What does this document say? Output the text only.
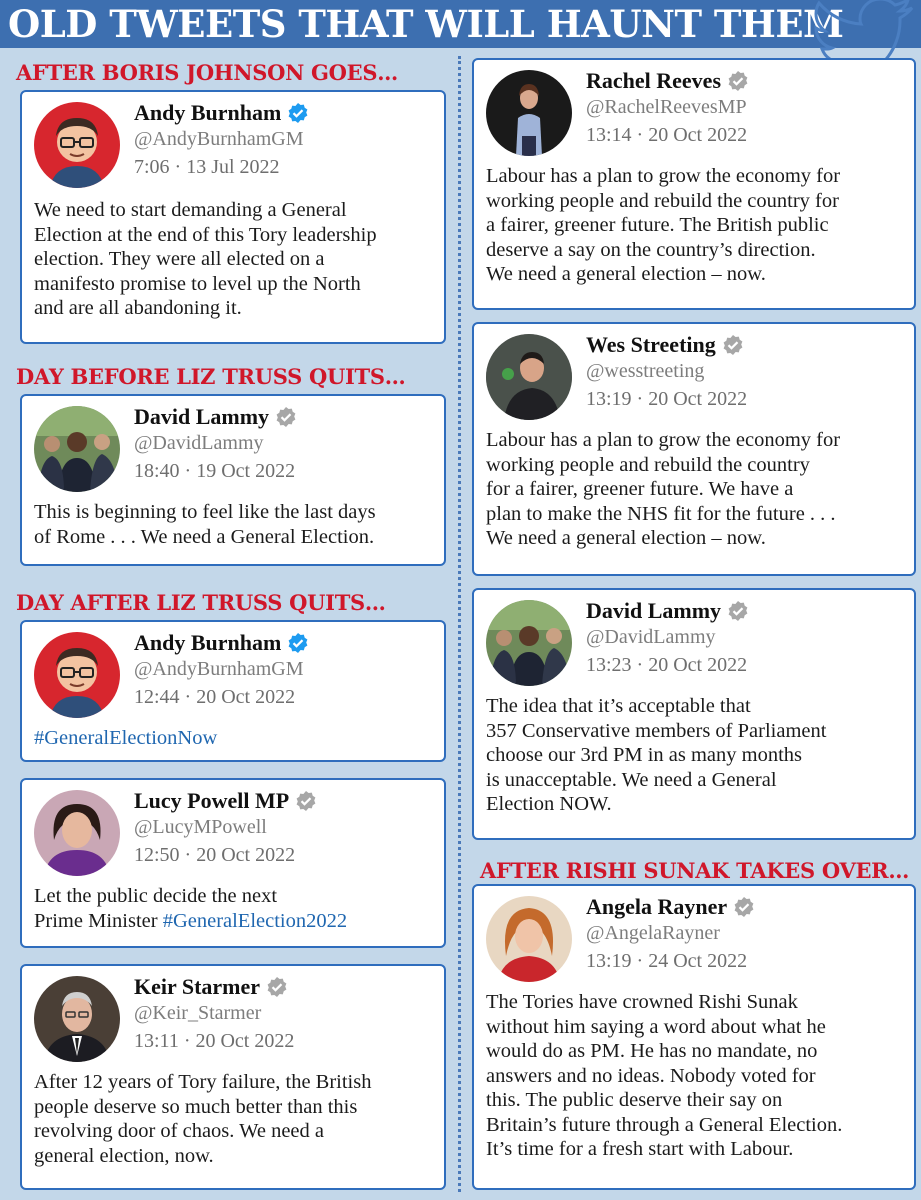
OLD TWEETS THAT WILL HAUNT THEM
AFTER BORIS JOHNSON GOES…
DAY BEFORE LIZ TRUSS QUITS…
DAY AFTER LIZ TRUSS QUITS…
AFTER RISHI SUNAK TAKES OVER…
Andy Burnham
@AndyBurnhamGM
7:06 · 13 Jul 2022
We need to start demanding a General
Election at the end of this Tory leadership
election. They were all elected on a
manifesto promise to level up the North
and are all abandoning it.
David Lammy
@DavidLammy
18:40 · 19 Oct 2022
This is beginning to feel like the last days
of Rome . . . We need a General Election.
Andy Burnham
@AndyBurnhamGM
12:44 · 20 Oct 2022
#GeneralElectionNow
Lucy Powell MP
@LucyMPowell
12:50 · 20 Oct 2022
Let the public decide the next
Prime Minister #GeneralElection2022
Keir Starmer
@Keir_Starmer
13:11 · 20 Oct 2022
After 12 years of Tory failure, the British
people deserve so much better than this
revolving door of chaos. We need a
general election, now.
Rachel Reeves
@RachelReevesMP
13:14 · 20 Oct 2022
Labour has a plan to grow the economy for
working people and rebuild the country for
a fairer, greener future. The British public
deserve a say on the country’s direction.
We need a general election – now.
Wes Streeting
@wesstreeting
13:19 · 20 Oct 2022
Labour has a plan to grow the economy for
working people and rebuild the country
for a fairer, greener future. We have a
plan to make the NHS fit for the future . . .
We need a general election – now.
David Lammy
@DavidLammy
13:23 · 20 Oct 2022
The idea that it’s acceptable that
357 Conservative members of Parliament
choose our 3rd PM in as many months
is unacceptable. We need a General
Election NOW.
Angela Rayner
@AngelaRayner
13:19 · 24 Oct 2022
The Tories have crowned Rishi Sunak
without him saying a word about what he
would do as PM. He has no mandate, no
answers and no ideas. Nobody voted for
this. The public deserve their say on
Britain’s future through a General Election.
It’s time for a fresh start with Labour.
